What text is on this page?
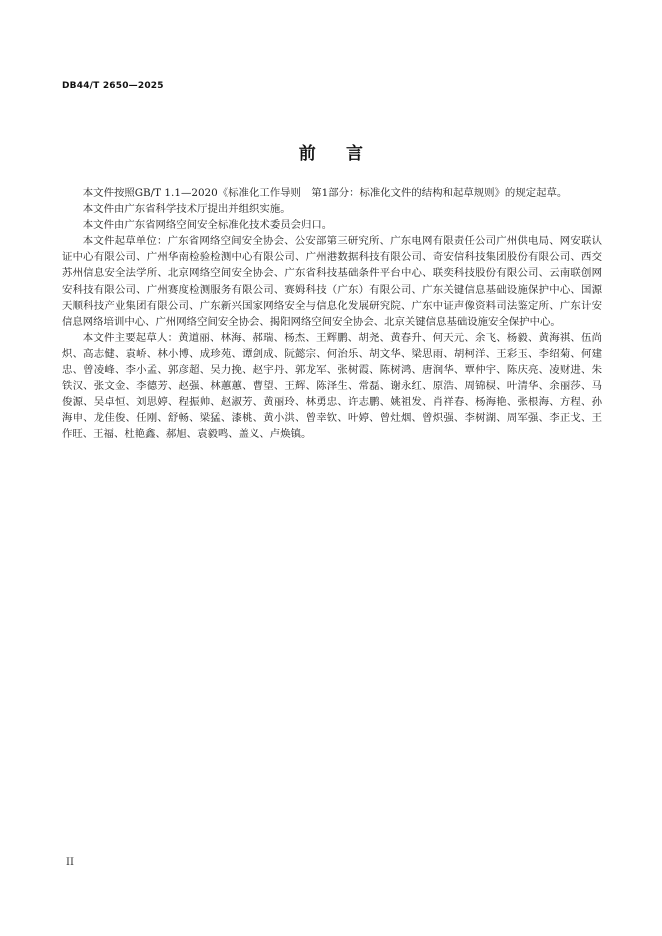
DB44/T 2650—2025
前 言

本文件按照GB/T 1.1—2020《标准化工作导则　第1部分：标准化文件的结构和起草规则》的规定起草。

本文件由广东省科学技术厅提出并组织实施。

本文件由广东省网络空间安全标准化技术委员会归口。

本文件起草单位：广东省网络空间安全协会、公安部第三研究所、广东电网有限责任公司广州供电局、网安联认证中心有限公司、广州华南检验检测中心有限公司、广州港数据科技有限公司、奇安信科技集团股份有限公司、西交苏州信息安全法学所、北京网络空间安全协会、广东省科技基础条件平台中心、联奕科技股份有限公司、云南联创网安科技有限公司、广州赛度检测服务有限公司、赛姆科技（广东）有限公司、广东关键信息基础设施保护中心、国源天顺科技产业集团有限公司、广东新兴国家网络安全与信息化发展研究院、广东中证声像资料司法鉴定所、广东计安信息网络培训中心、广州网络空间安全协会、揭阳网络空间安全协会、北京关键信息基础设施安全保护中心。

本文件主要起草人：黄道丽、林海、郝瑞、杨杰、王辉鹏、胡尧、黄春升、何天元、余飞、杨毅、黄海祺、伍尚炽、高志健、袁峤、林小博、成珍苑、谭剑成、阮懿宗、何治乐、胡文华、梁思雨、胡柯洋、王彩玉、李绍菊、何建忠、曾凌峰、李小孟、郭彦超、吴力挽、赵宇丹、郭龙军、张树霞、陈树鸿、唐润华、覃仲宇、陈庆亮、凌财进、朱铁汉、张文金、李德芳、赵强、林蕙蕙、曹望、王辉、陈泽生、常磊、谢永红、原浩、周锦棂、叶清华、余丽莎、马俊源、吴卓恒、刘思婷、程振帅、赵淑芳、黄丽玲、林勇忠、许志鹏、姚祖发、肖祥春、杨海艳、张根海、方程、孙海申、龙佳俊、任刚、舒畅、梁猛、漆桃、黄小洪、曾幸钦、叶婷、曾灶烟、曾炽强、李树湖、周军强、李正戈、王作旺、王福、杜艳鑫、郝旭、袁毅鸣、盖义、卢焕镇。

II
